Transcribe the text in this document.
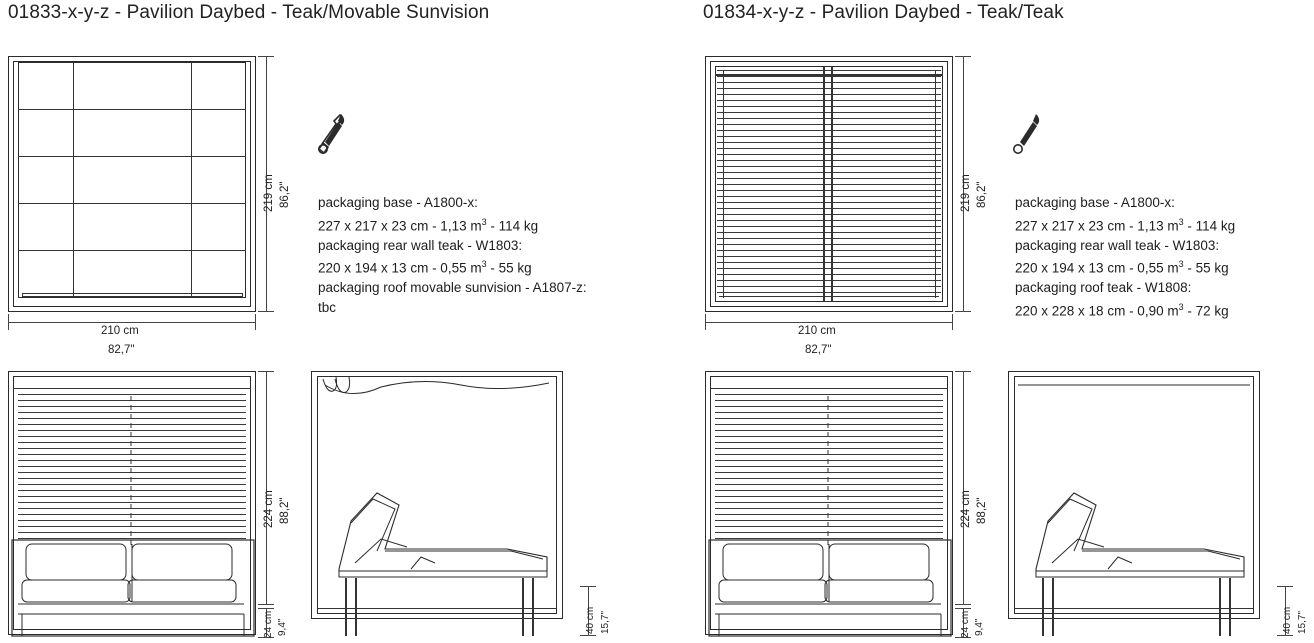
01833-x-y-z - Pavilion Daybed - Teak/Movable Sunvision
219 cm 86,2"
210 cm
82,7"
packaging base - A1800-x:
227 x 217 x 23 cm - 1,13 $m^3 - 114$ kg
packaging rear wall teak - W1803:
220 x 194 x 13 cm - 0,55 $m^3 - 55$ kg
packaging roof movable sunvision - A1807-z:
tbc
224 cm 88,2"
24 cm 9,4"	40 cm 15,7"
01834-x-y-z - Pavilion Daybed - Teak/Teak
219 cm 86,2"
210 cm
82,7"
packaging base - A1800-x:
227 x 217 x 23 cm - 1,13 $m^3 - 114$ kg
packaging rear wall teak - W1803:
220 x 194 x 13 cm - 0,55 $m^3 - 55$ kg
packaging roof teak - W1808:
220 x 228 x 18 cm - 0,90 $m^3 - 72$ kg
224 cm 88,2"
24 cm 9,4"	40 cm 15,7"
